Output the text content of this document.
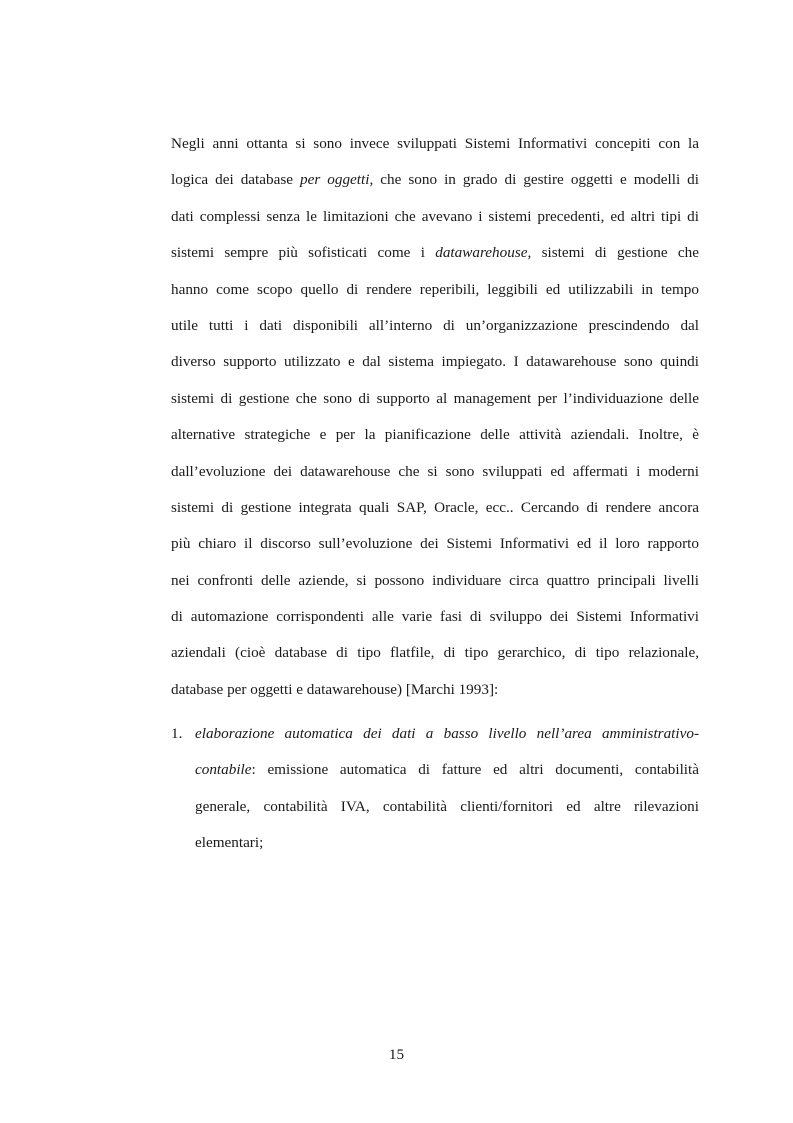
Negli anni ottanta si sono invece sviluppati Sistemi Informativi concepiti con la
logica dei database per oggetti, che sono in grado di gestire oggetti e modelli di
dati complessi senza le limitazioni che avevano i sistemi precedenti, ed altri tipi di
sistemi sempre più sofisticati come i datawarehouse, sistemi di gestione che
hanno come scopo quello di rendere reperibili, leggibili ed utilizzabili in tempo
utile tutti i dati disponibili all’interno di un’organizzazione prescindendo dal
diverso supporto utilizzato e dal sistema impiegato. I datawarehouse sono quindi
sistemi di gestione che sono di supporto al management per l’individuazione delle
alternative strategiche e per la pianificazione delle attività aziendali. Inoltre, è
dall’evoluzione dei datawarehouse che si sono sviluppati ed affermati i moderni
sistemi di gestione integrata quali SAP, Oracle, ecc.. Cercando di rendere ancora
più chiaro il discorso sull’evoluzione dei Sistemi Informativi ed il loro rapporto
nei confronti delle aziende, si possono individuare circa quattro principali livelli
di automazione corrispondenti alle varie fasi di sviluppo dei Sistemi Informativi
aziendali (cioè database di tipo flatfile, di tipo gerarchico, di tipo relazionale,
database per oggetti e datawarehouse) [Marchi 1993]:
1. elaborazione automatica dei dati a basso livello nell’area amministrativo-
contabile: emissione automatica di fatture ed altri documenti, contabilità
generale, contabilità IVA, contabilità clienti/fornitori ed altre rilevazioni
elementari;
15
